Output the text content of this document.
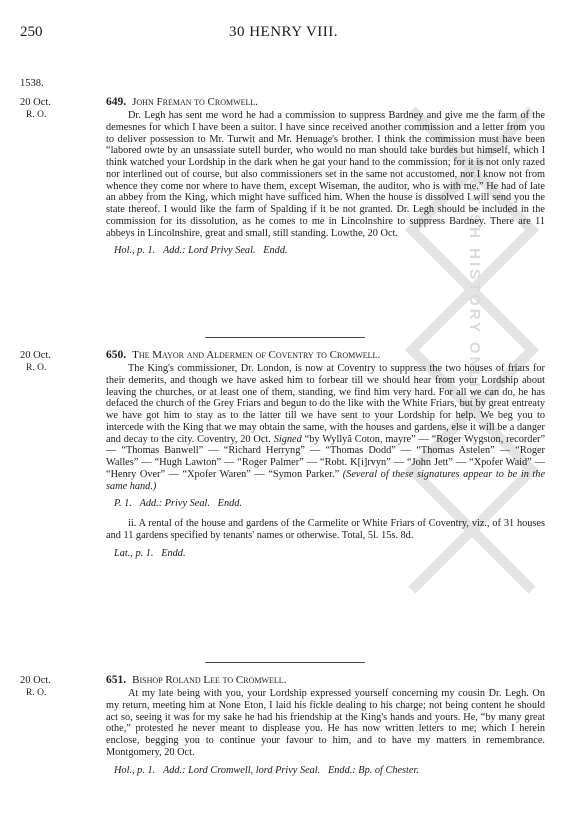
BRITISH HISTORY ONLINE
250	30 HENRY VIII.
1538.
20 Oct.
R. O.

649. John Freman to Cromwell.

Dr. Legh has sent me word he had a commission to suppress Bardney and give me the farm of the demesnes for which I have been a suitor. I have since received another commission and a letter from you to deliver possession to Mr. Turwit and Mr. Henuage's brother. I think the commission must have been “labored owte by an unsassiate sutell burder, who would no man should take burdes but himself, which I think watched your Lordship in the dark when he gat your hand to the commission; for it is not only razed nor interlined out of course, but also commissioners set in the same not accustomed, nor I know not from whence they come nor where to have them, except Wiseman, the auditor, who is with me.” He had of late an abbey from the King, which might have sufficed him. When the house is dissolved I will send you the state thereof. I would like the farm of Spalding if it be not granted. Dr. Legh should be included in the commission for its dissolution, as he comes to me in Lincolnshire to suppress Bardney. There are 11 abbeys in Lincolnshire, great and small, still standing. Lowthe, 20 Oct.

Hol., p. 1. Add.: Lord Privy Seal. Endd.

20 Oct.
R. O.

650. The Mayor and Aldermen of Coventry to Cromwell.

The King's commissioner, Dr. London, is now at Coventry to suppress the two houses of friars for their demerits, and though we have asked him to forbear till we should hear from your Lordship about leaving the churches, or at least one of them, standing, we find him very hard. For all we can do, he has defaced the church of the Grey Friars and begun to do the like with the White Friars, but by great entreaty we have got him to stay as to the latter till we have sent to your Lordship for help. We beg you to intercede with the King that we may obtain the same, with the houses and gardens, else it will be a danger and decay to the city. Coventry, 20 Oct. Signed “by Wyllyã Coton, mayre” — “Roger Wygston, recorder” — “Thomas Banwell” — “Richard Herryng” — “Thomas Dodd” — “Thomas Astelen” — “Roger Walles” — “Hugh Lawton” — “Roger Palmer” — “Robt. K[i]rvyn” — “John Jett” — “Xpofer Waid” — “Henry Over” — “Xpofer Waren” — “Symon Parker.” (Several of these signatures appear to be in the same hand.)

P. 1. Add.: Privy Seal. Endd.

ii. A rental of the house and gardens of the Carmelite or White Friars of Coventry, viz., of 31 houses and 11 gardens specified by tenants' names or otherwise. Total, 5l. 15s. 8d.

Lat., p. 1. Endd.

20 Oct.
R. O.

651. Bishop Roland Lee to Cromwell.

At my late being with you, your Lordship expressed yourself concerning my cousin Dr. Legh. On my return, meeting him at None Eton, I laid his fickle dealing to his charge; not being content he should act so, seeing it was for my sake he had his friendship at the King's hands and yours. He, “by many great othe,” protested he never meant to displease you. He has now written letters to me; which I herein enclose, begging you to continue your favour to him, and to have my matters in remembrance. Montgomery, 20 Oct.

Hol., p. 1. Add.: Lord Cromwell, lord Privy Seal. Endd.: Bp. of Chester.
